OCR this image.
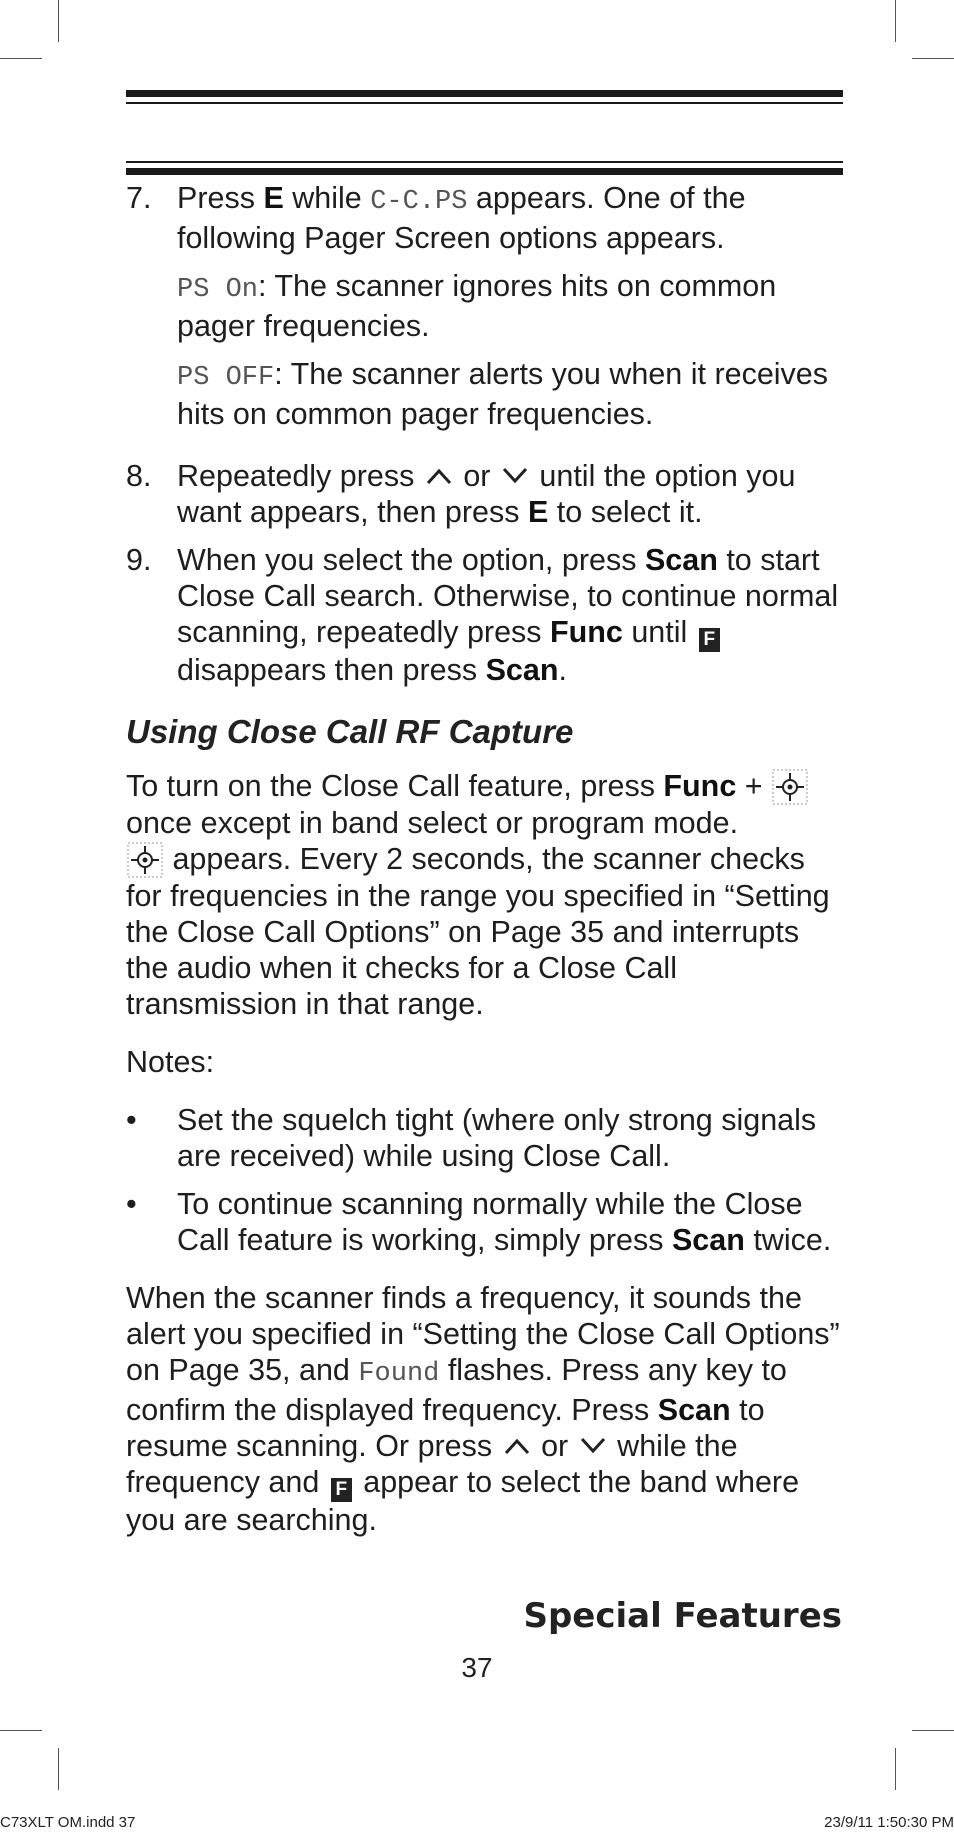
7. Press E while C-C.PS appears. One of the following Pager Screen options appears.
PS On: The scanner ignores hits on common pager frequencies.
PS OFF: The scanner alerts you when it receives hits on common pager frequencies.
8. Repeatedly press  or  until the option you want appears, then press E to select it.
9. When you select the option, press Scan to start Close Call search. Otherwise, to continue normal scanning, repeatedly press Func until F disappears then press Scan.
Using Close Call RF Capture
To turn on the Close Call feature, press Func +  once except in band select or program mode.
appears. Every 2 seconds, the scanner checks for frequencies in the range you specified in “Setting the Close Call Options” on Page 35 and interrupts the audio when it checks for a Close Call transmission in that range.
Notes:
• Set the squelch tight (where only strong signals are received) while using Close Call.
• To continue scanning normally while the Close Call feature is working, simply press Scan twice.
When the scanner finds a frequency, it sounds the alert you specified in “Setting the Close Call Options” on Page 35, and Found flashes. Press any key to confirm the displayed frequency. Press Scan to resume scanning. Or press  or  while the frequency and F appear to select the band where you are searching.
Special Features
37
C73XLT OM.indd 37	23/9/11 1:50:30 PM
